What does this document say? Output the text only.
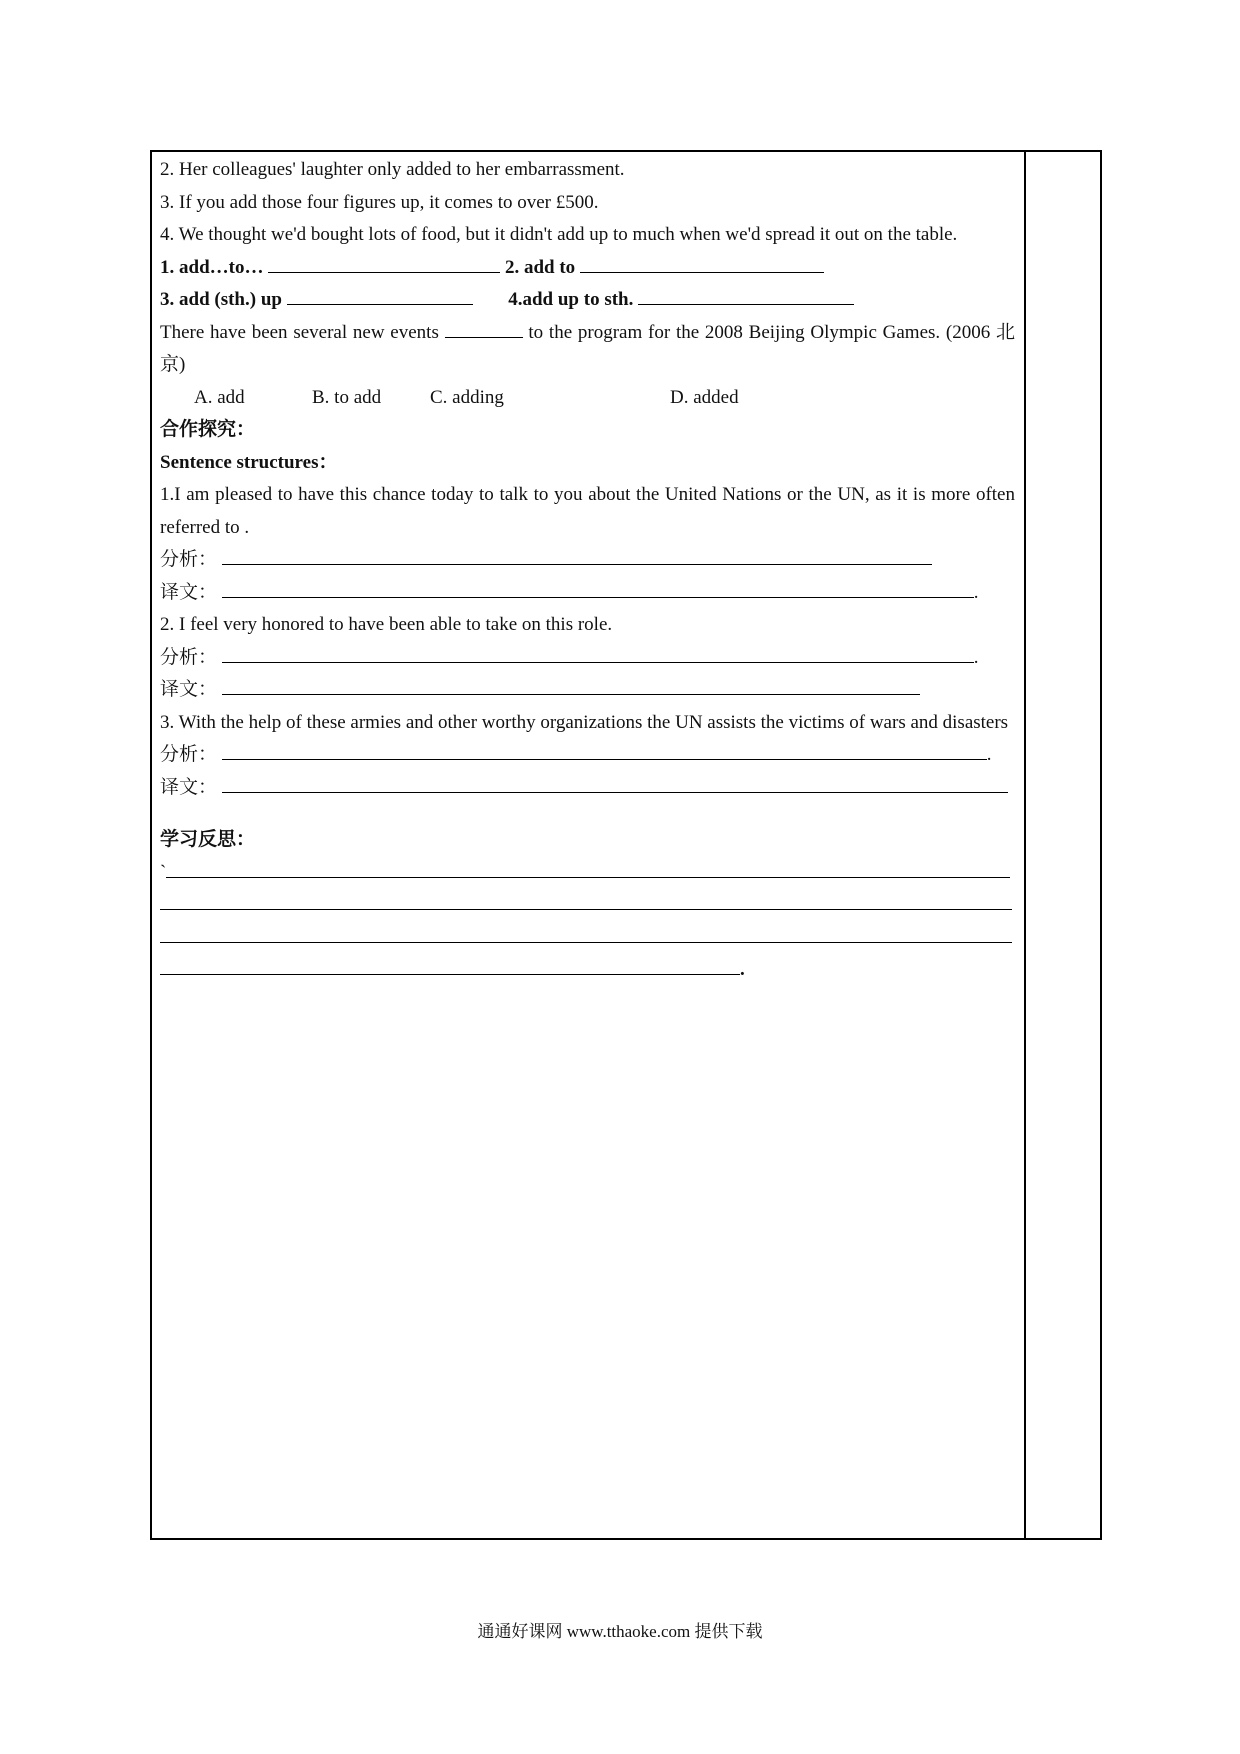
2. Her colleagues' laughter only added to her embarrassment.
3. If you add those four figures up, it comes to over £500.
4. We thought we'd bought lots of food, but it didn't add up to much when we'd spread it out on the table.
1. add…to…	2. add to
3. add (sth.) up	4.add up to sth.
There have been several new events	to the program for the 2008 Beijing Olympic Games. (2006 北京)
A. add	B. to add	C. adding	D. added
合作探究：
Sentence structures：
1.I am pleased to have this chance today to talk to you about the United Nations or the UN, as it is more often referred to .
分析：
译文：	.
2. I feel very honored to have been able to take on this role.
分析：	.
译文：
3. With the help of these armies and other worthy organizations the UN assists the victims of wars and disasters
分析：	.
译文：
学习反思：
`
.
通通好课网 www.tthaoke.com 提供下载
